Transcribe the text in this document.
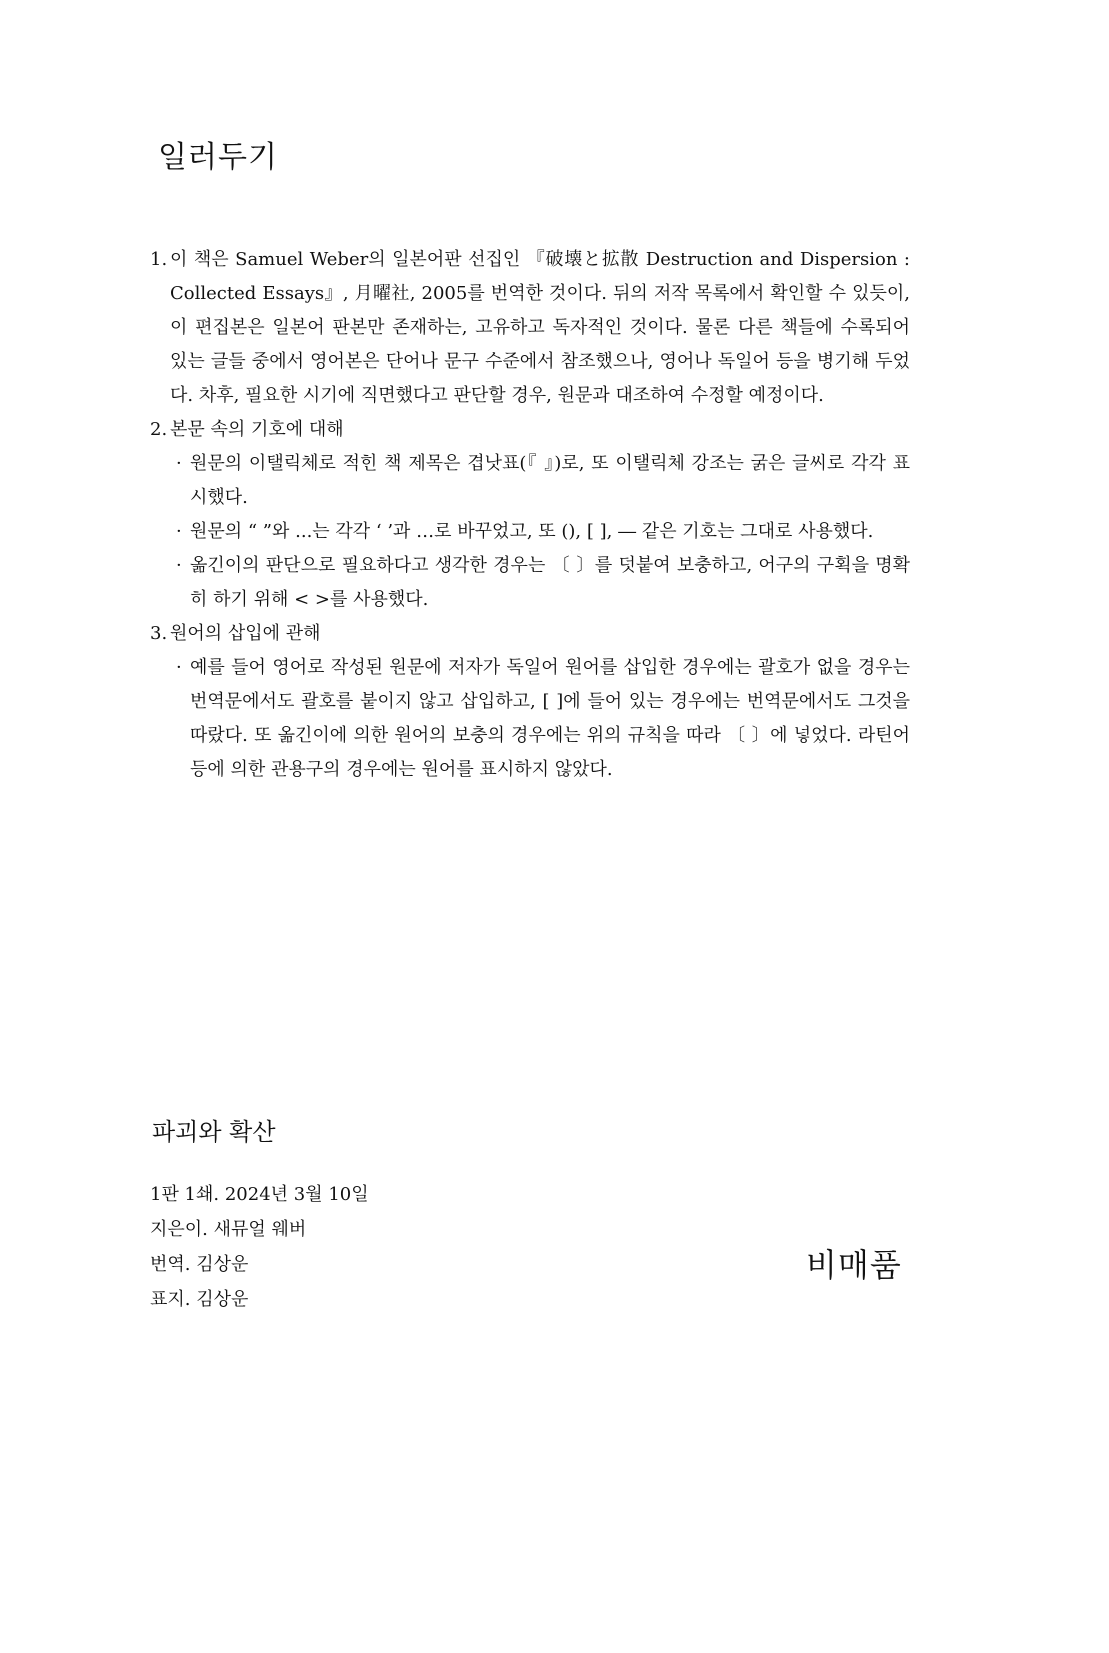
일러두기
1. 이 책은 Samuel Weber의 일본어판 선집인 『破壊と拡散 Destruction and Dispersion : Collected Essays』, 月曜社, 2005를 번역한 것이다. 뒤의 저작 목록에서 확인할 수 있듯이, 이 편집본은 일본어 판본만 존재하는, 고유하고 독자적인 것이다. 물론 다른 책들에 수록되어 있는 글들 중에서 영어본은 단어나 문구 수준에서 참조했으나, 영어나 독일어 등을 병기해 두었다. 차후, 필요한 시기에 직면했다고 판단할 경우, 원문과 대조하여 수정할 예정이다.
2. 본문 속의 기호에 대해
· 원문의 이탤릭체로 적힌 책 제목은 겹낫표(『 』)로, 또 이탤릭체 강조는 굵은 글씨로 각각 표시했다.
· 원문의 “ ”와 ...는 각각 ‘ ’과 …로 바꾸었고, 또 (), [ ], ― 같은 기호는 그대로 사용했다.
· 옮긴이의 판단으로 필요하다고 생각한 경우는 〔 〕를 덧붙여 보충하고, 어구의 구획을 명확히 하기 위해 < >를 사용했다.
3. 원어의 삽입에 관해
· 예를 들어 영어로 작성된 원문에 저자가 독일어 원어를 삽입한 경우에는 괄호가 없을 경우는 번역문에서도 괄호를 붙이지 않고 삽입하고, [ ]에 들어 있는 경우에는 번역문에서도 그것을 따랐다. 또 옮긴이에 의한 원어의 보충의 경우에는 위의 규칙을 따라 〔 〕에 넣었다. 라틴어 등에 의한 관용구의 경우에는 원어를 표시하지 않았다.
파괴와 확산
1판 1쇄. 2024년 3월 10일
지은이. 새뮤얼 웨버
번역. 김상운
표지. 김상운
비매품
